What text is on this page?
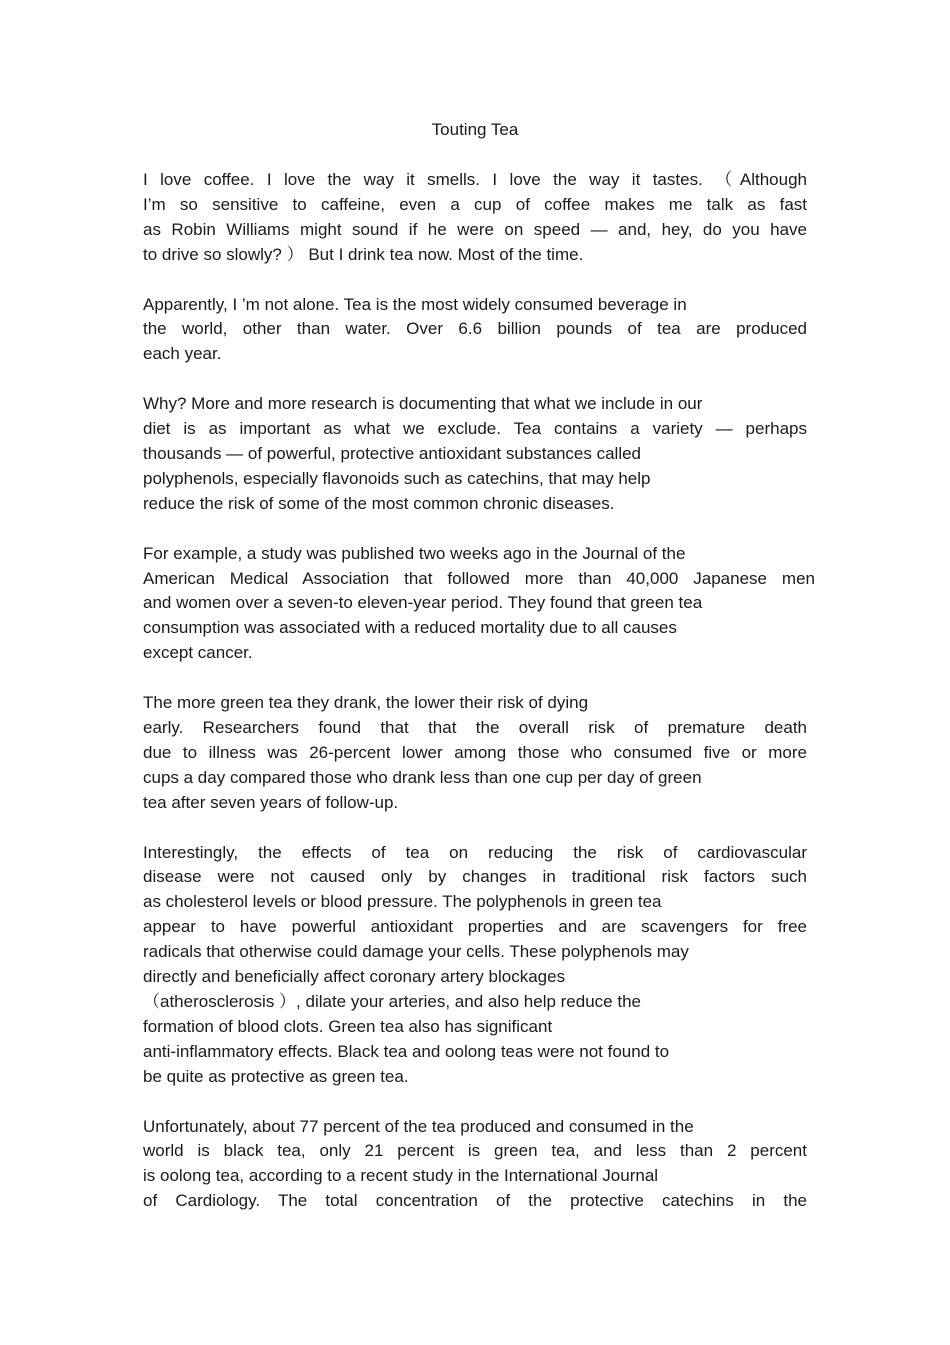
Touting Tea
I love coffee. I love the way it smells. I love the way it tastes. （Although
I’m so sensitive to caffeine, even a cup of coffee makes me talk as fast
as Robin Williams might sound if he were on speed — and, hey, do you have
to drive so slowly? ） But I drink tea now. Most of the time.
Apparently, I ’m not alone. Tea is the most widely consumed beverage in
the world, other than water. Over 6.6 billion pounds of tea are produced
each year.
Why? More and more research is documenting that what we include in our
diet is as important as what we exclude. Tea contains a variety — perhaps
thousands — of powerful, protective antioxidant substances called
polyphenols, especially flavonoids such as catechins, that may help
reduce the risk of some of the most common chronic diseases.
For example, a study was published two weeks ago in the Journal of the
American Medical Association that followed more than 40,000 Japanese men
and women over a seven-to eleven-year period. They found that green tea
consumption was associated with a reduced mortality due to all causes
except cancer.
The more green tea they drank, the lower their risk of dying
early. Researchers found that that the overall risk of premature death
due to illness was 26-percent lower among those who consumed five or more
cups a day compared those who drank less than one cup per day of green
tea after seven years of follow-up.
Interestingly, the effects of tea on reducing the risk of cardiovascular
disease were not caused only by changes in traditional risk factors such
as cholesterol levels or blood pressure. The polyphenols in green tea
appear to have powerful antioxidant properties and are scavengers for free
radicals that otherwise could damage your cells. These polyphenols may
directly and beneficially affect coronary artery blockages
（atherosclerosis ）, dilate your arteries, and also help reduce the
formation of blood clots. Green tea also has significant
anti-inflammatory effects. Black tea and oolong teas were not found to
be quite as protective as green tea.
Unfortunately, about 77 percent of the tea produced and consumed in the
world is black tea, only 21 percent is green tea, and less than 2 percent
is oolong tea, according to a recent study in the International Journal
of Cardiology. The total concentration of the protective catechins in the
